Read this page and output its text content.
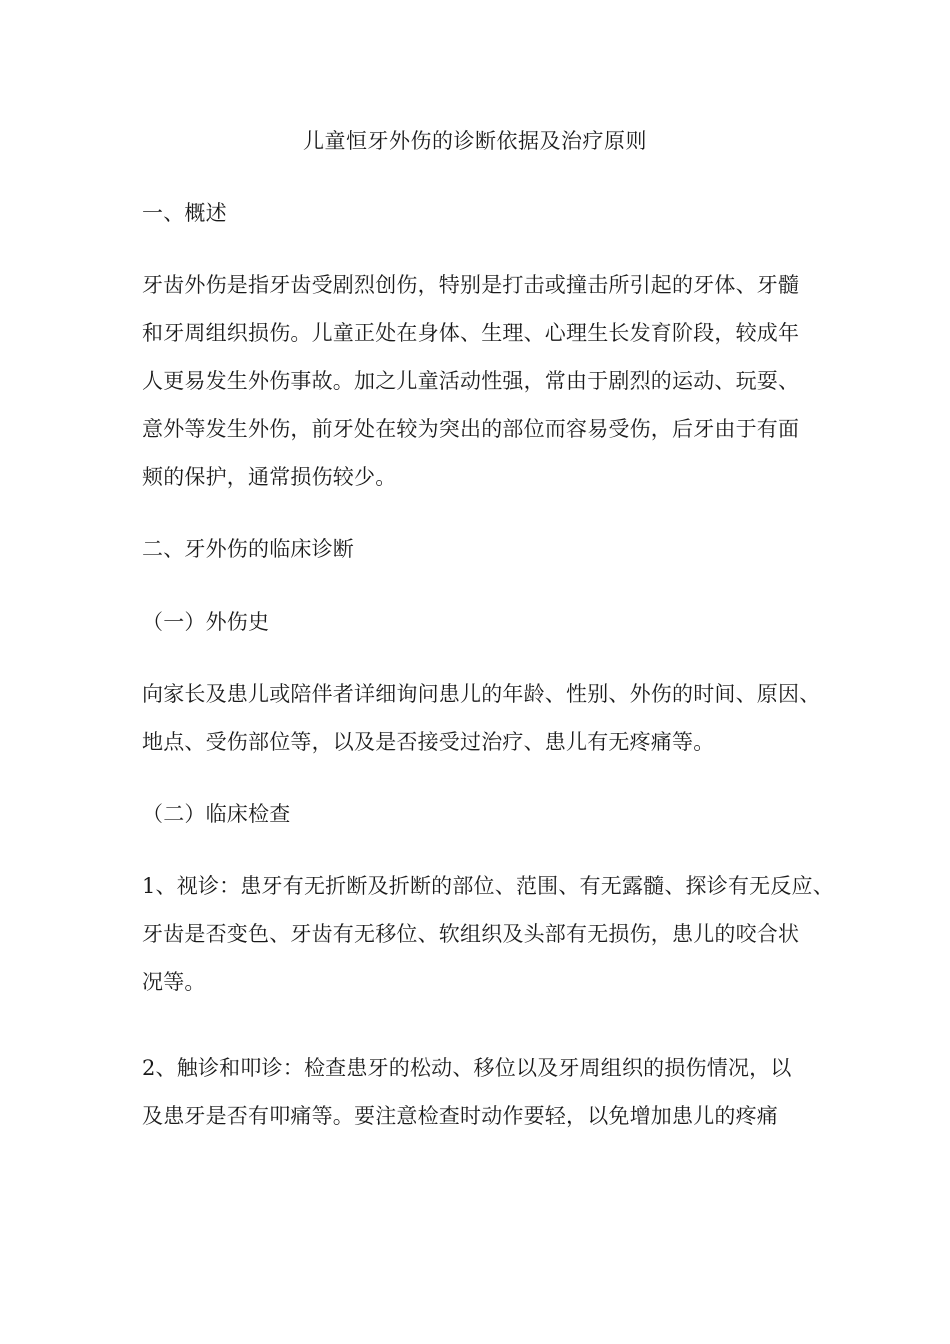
儿童恒牙外伤的诊断依据及治疗原则
一、概述
牙齿外伤是指牙齿受剧烈创伤，特别是打击或撞击所引起的牙体、牙髓
和牙周组织损伤。儿童正处在身体、生理、心理生长发育阶段，较成年
人更易发生外伤事故。加之儿童活动性强，常由于剧烈的运动、玩耍、
意外等发生外伤，前牙处在较为突出的部位而容易受伤，后牙由于有面
颊的保护，通常损伤较少。
二、牙外伤的临床诊断
（一）外伤史
向家长及患儿或陪伴者详细询问患儿的年龄、性别、外伤的时间、原因、
地点、受伤部位等，以及是否接受过治疗、患儿有无疼痛等。
（二）临床检查
1、视诊：患牙有无折断及折断的部位、范围、有无露髓、探诊有无反应、
牙齿是否变色、牙齿有无移位、软组织及头部有无损伤，患儿的咬合状
况等。
2、触诊和叩诊：检查患牙的松动、移位以及牙周组织的损伤情况，以
及患牙是否有叩痛等。要注意检查时动作要轻，以免增加患儿的疼痛
